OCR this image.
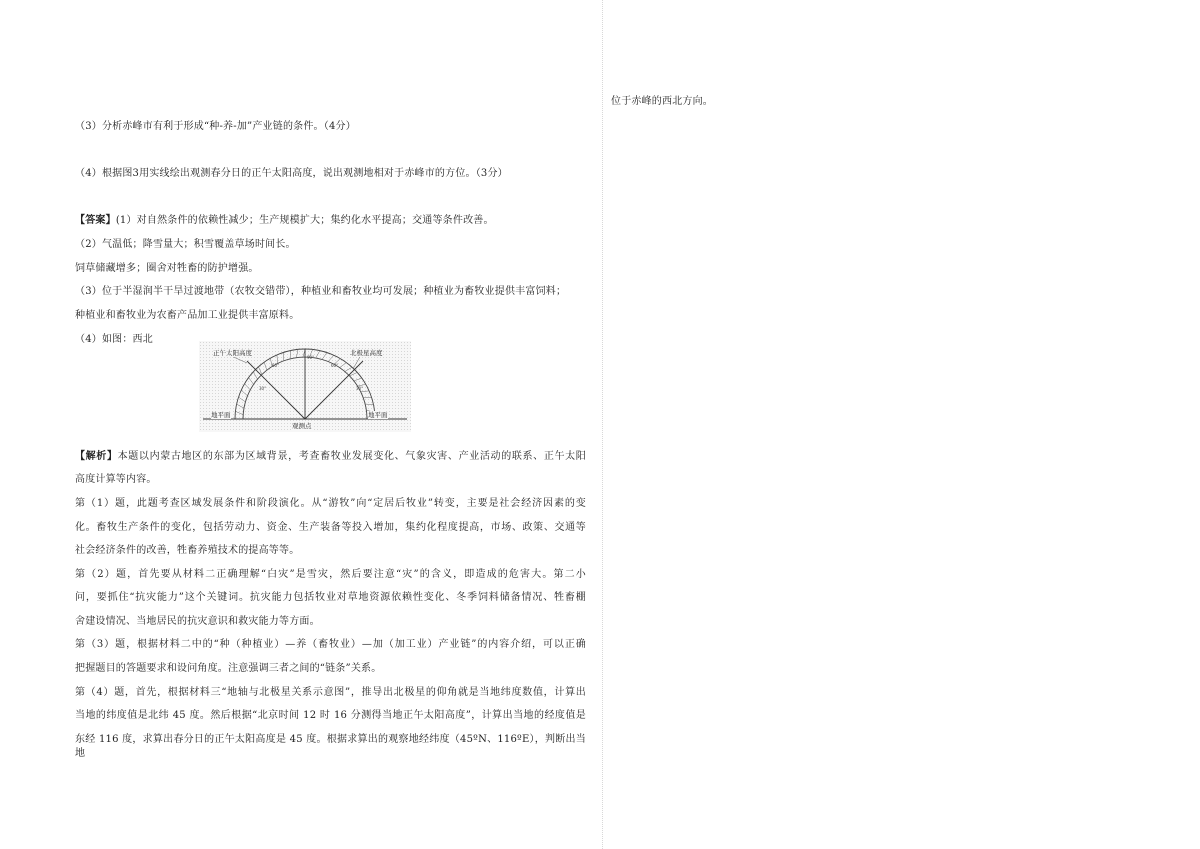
位于赤峰的西北方向。
（3）分析赤峰市有利于形成“种-养-加”产业链的条件。（4分）
（4）根据图3用实线绘出观测春分日的正午太阳高度，说出观测地相对于赤峰市的方位。（3分）
【答案】(1）对自然条件的依赖性减少；生产规模扩大；集约化水平提高；交通等条件改善。
（2）气温低；降雪量大；积雪覆盖草场时间长。
饲草储藏增多；圈舍对牲畜的防护增强。
（3）位于半湿润半干旱过渡地带（农牧交错带），种植业和畜牧业均可发展；种植业为畜牧业提供丰富饲料；
种植业和畜牧业为农畜产品加工业提供丰富原料。
（4）如图：西北
正午太阳高度	北极星高度
地平面	地平面
观测点
30°
60°
90°
60°
30°
【解析】本题以内蒙古地区的东部为区域背景，考查畜牧业发展变化、气象灾害、产业活动的联系、正午太阳
高度计算等内容。
第（1）题，此题考查区域发展条件和阶段演化。从“游牧”向“定居后牧业”转变，主要是社会经济因素的变
化。畜牧生产条件的变化，包括劳动力、资金、生产装备等投入增加，集约化程度提高，市场、政策、交通等
社会经济条件的改善，牲畜养殖技术的提高等等。
第（2）题，首先要从材料二正确理解“白灾”是雪灾，然后要注意“灾”的含义，即造成的危害大。第二小
问，要抓住“抗灾能力”这个关键词。抗灾能力包括牧业对草地资源依赖性变化、冬季饲料储备情况、牲畜棚
舍建设情况、当地居民的抗灾意识和救灾能力等方面。
第（3）题，根据材料二中的“种（种植业）—养（畜牧业）—加（加工业）产业链”的内容介绍，可以正确
把握题目的答题要求和设问角度。注意强调三者之间的“链条”关系。
第（4）题，首先，根据材料三“地轴与北极星关系示意图”，推导出北极星的仰角就是当地纬度数值，计算出
当地的纬度值是北纬 45 度。然后根据“北京时间 12 时 16 分测得当地正午太阳高度”，计算出当地的经度值是
东经 116 度，求算出春分日的正午太阳高度是 45 度。根据求算出的观察地经纬度（45ºN、116ºE），判断出当地
